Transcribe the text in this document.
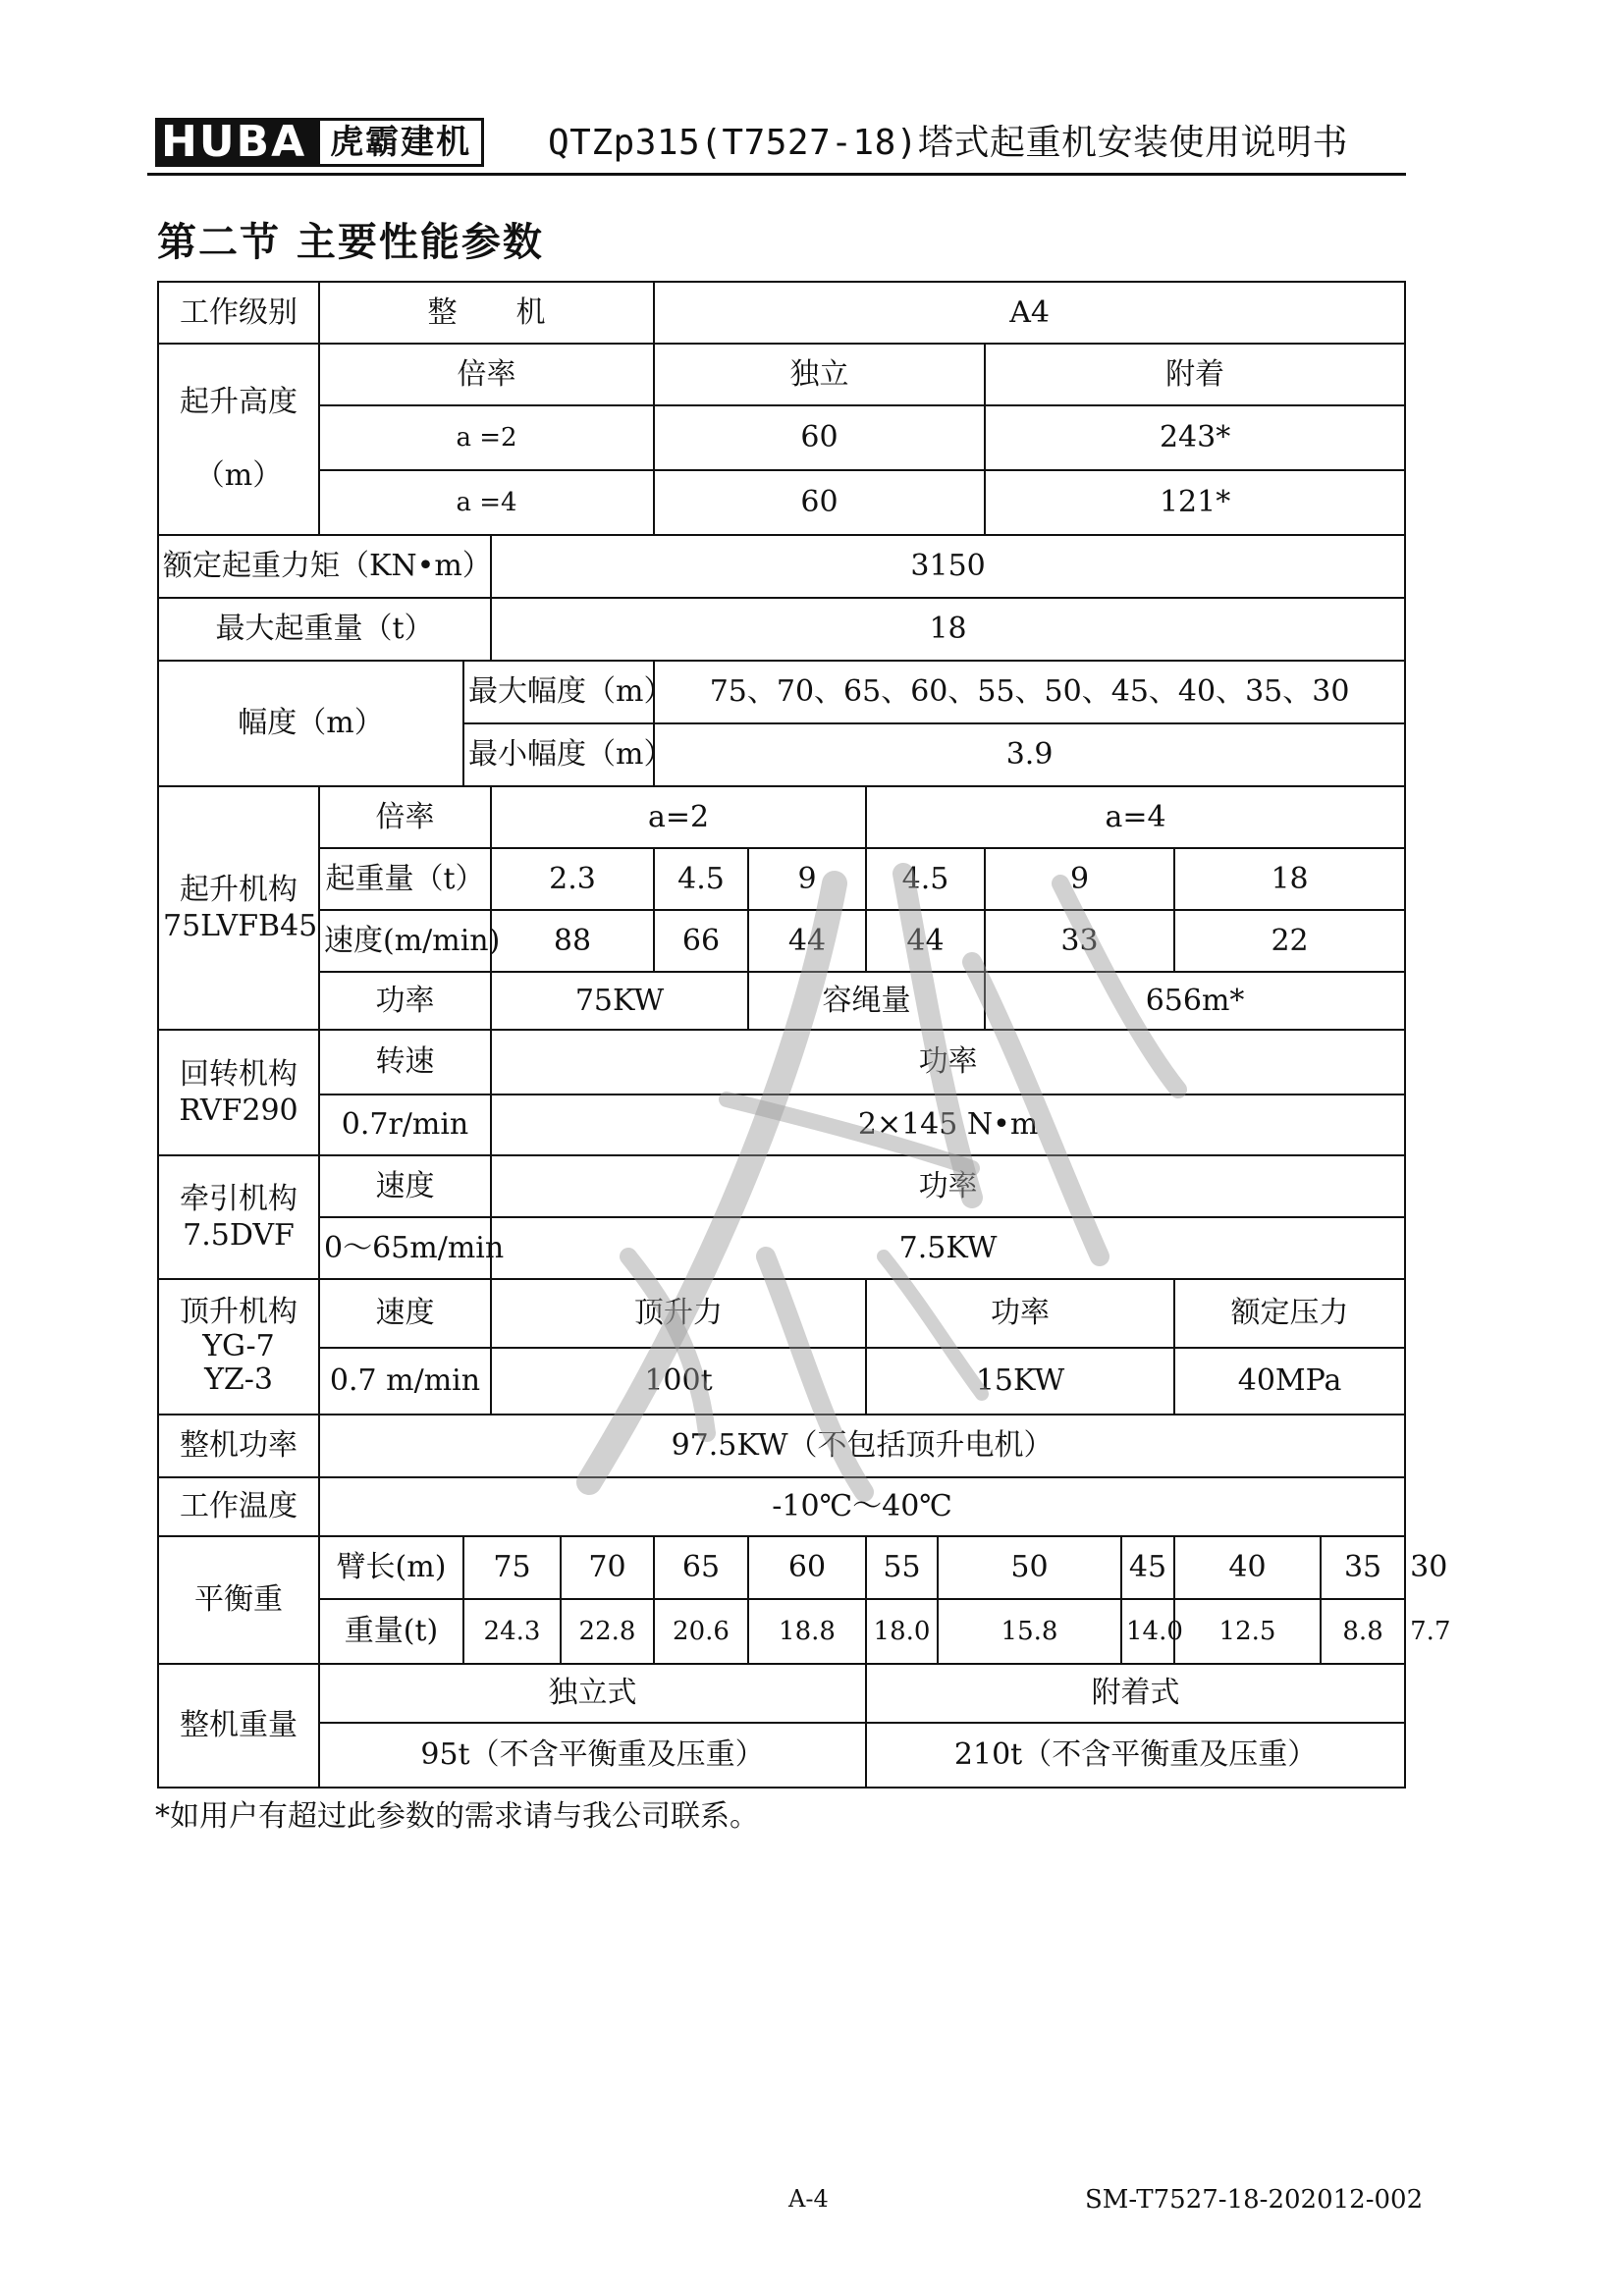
HUBA 虎霸建机	QTZp315(T7527-18)塔式起重机安装使用说明书
第二节 主要性能参数
工作级别	整　　机				A4								
起升高度

（m）	倍率				独立				附着				
	a =2				60				243*				
	a =4				60				121*				
额定起重力矩（KN•m）			3150										
最大起重量（t）			18										
幅度（m）		最大幅度（m）			75、70、65、60、55、50、45、40、35、30								
		最小幅度（m）			3.9								
起升机构
75LVFB45	倍率		a=2				a=4						
	起重量（t）		2.3		4.5	9	4.5		9		18		
	速度(m/min)		88		66	44	44		33		22		
	功率		75KW			容绳量			656m*				
回转机构
RVF290	转速		功率										
	0.7r/min		2×145 N•m										
牵引机构
7.5DVF	速度		功率										
	0～65m/min		7.5KW										
顶升机构
YG-7
YZ-3	速度		顶升力				功率				额定压力		
	0.7 m/min		100t				15KW				40MPa		
整机功率	97.5KW（不包括顶升电机）												
工作温度	-10℃～40℃												
平衡重	臂长(m)	75		70	65	60	55	50		45	40	35	30
	重量(t)	24.3		22.8	20.6	18.8	18.0	15.8		14.0	12.5	8.8	7.7
整机重量	独立式						附着式						
	95t（不含平衡重及压重）						210t（不含平衡重及压重）						
紛光
*如用户有超过此参数的需求请与我公司联系。
A-4	SM-T7527-18-202012-002
